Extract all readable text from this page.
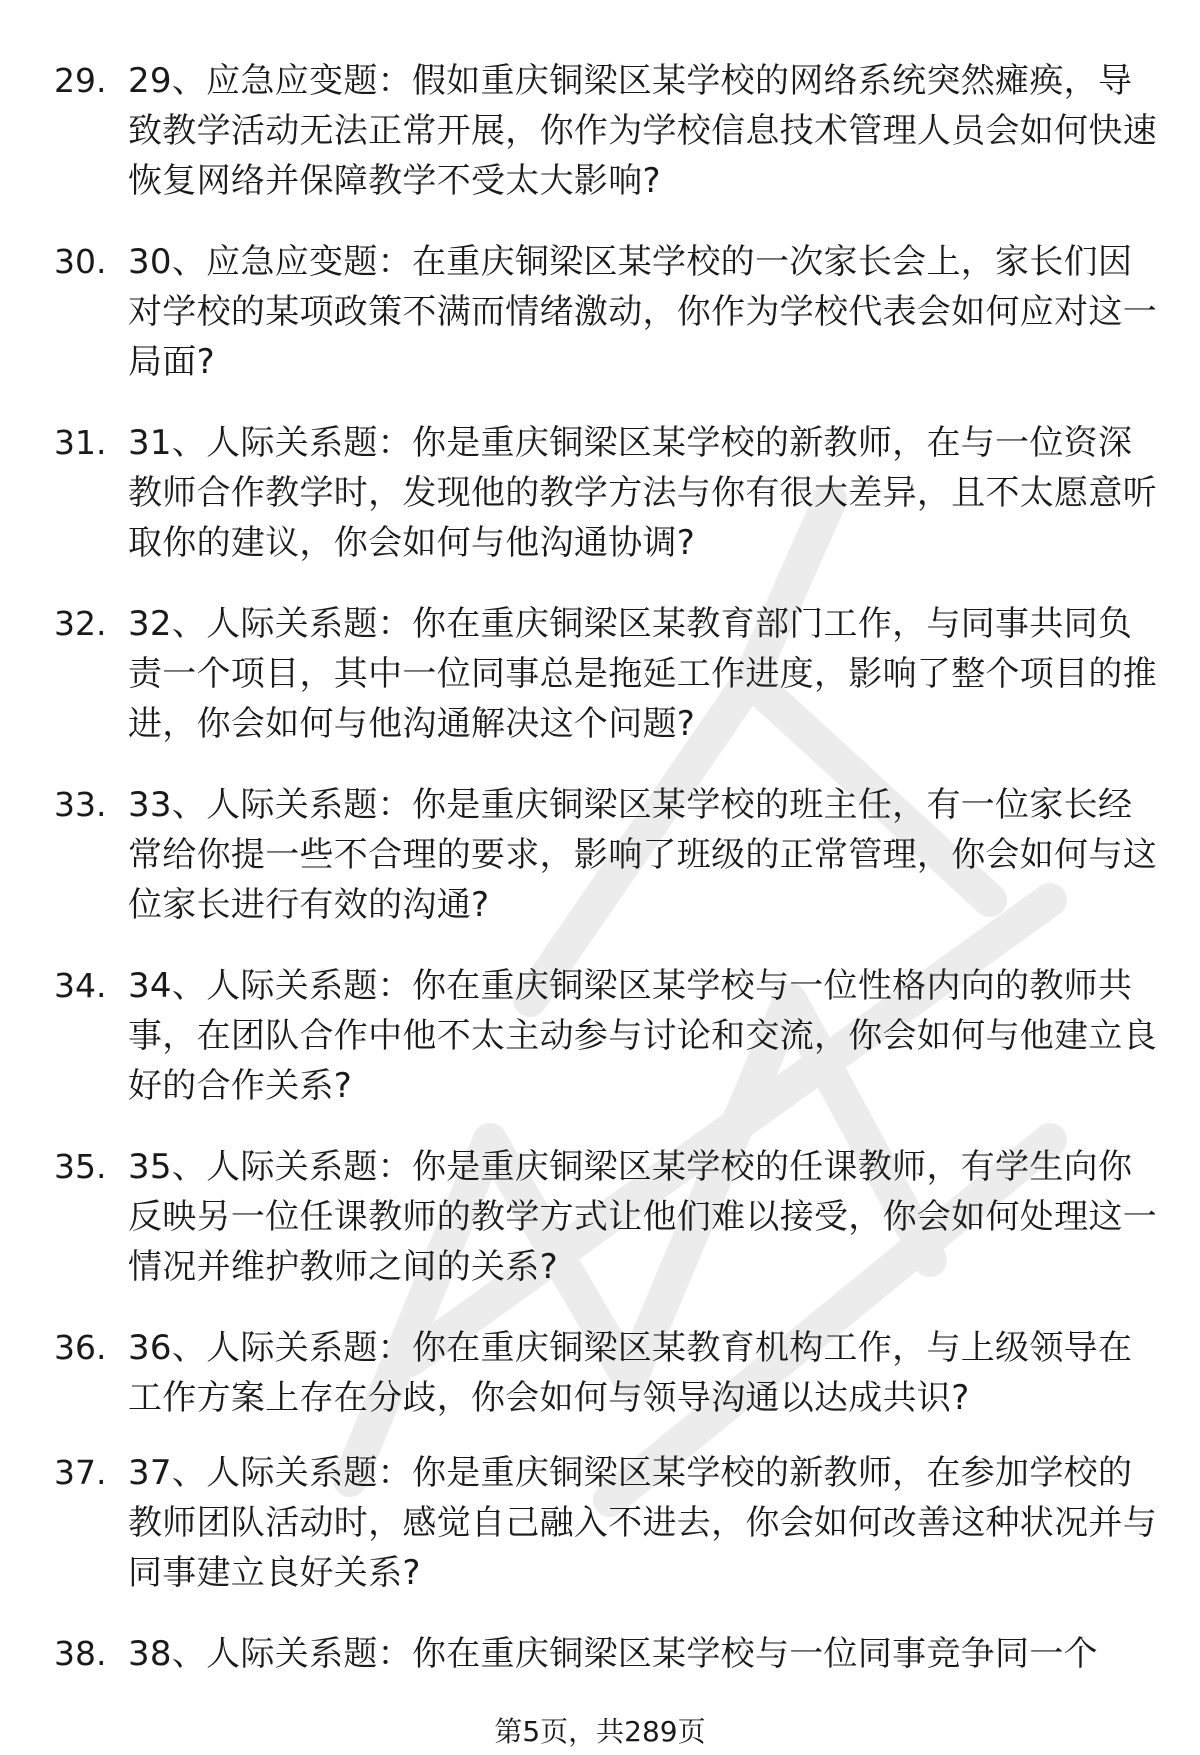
29. 29、应急应变题：假如重庆铜梁区某学校的网络系统突然瘫痪，导致教学活动无法正常开展，你作为学校信息技术管理人员会如何快速恢复网络并保障教学不受太大影响?
30. 30、应急应变题：在重庆铜梁区某学校的一次家长会上，家长们因对学校的某项政策不满而情绪激动，你作为学校代表会如何应对这一局面?
31. 31、人际关系题：你是重庆铜梁区某学校的新教师，在与一位资深教师合作教学时，发现他的教学方法与你有很大差异，且不太愿意听取你的建议，你会如何与他沟通协调?
32. 32、人际关系题：你在重庆铜梁区某教育部门工作，与同事共同负责一个项目，其中一位同事总是拖延工作进度，影响了整个项目的推进，你会如何与他沟通解决这个问题?
33. 33、人际关系题：你是重庆铜梁区某学校的班主任，有一位家长经常给你提一些不合理的要求，影响了班级的正常管理，你会如何与这位家长进行有效的沟通?
34. 34、人际关系题：你在重庆铜梁区某学校与一位性格内向的教师共事，在团队合作中他不太主动参与讨论和交流，你会如何与他建立良好的合作关系?
35. 35、人际关系题：你是重庆铜梁区某学校的任课教师，有学生向你反映另一位任课教师的教学方式让他们难以接受，你会如何处理这一情况并维护教师之间的关系?
36. 36、人际关系题：你在重庆铜梁区某教育机构工作，与上级领导在工作方案上存在分歧，你会如何与领导沟通以达成共识?
37. 37、人际关系题：你是重庆铜梁区某学校的新教师，在参加学校的教师团队活动时，感觉自己融入不进去，你会如何改善这种状况并与同事建立良好关系?
38. 38、人际关系题：你在重庆铜梁区某学校与一位同事竞争同一个
第5页，共289页
